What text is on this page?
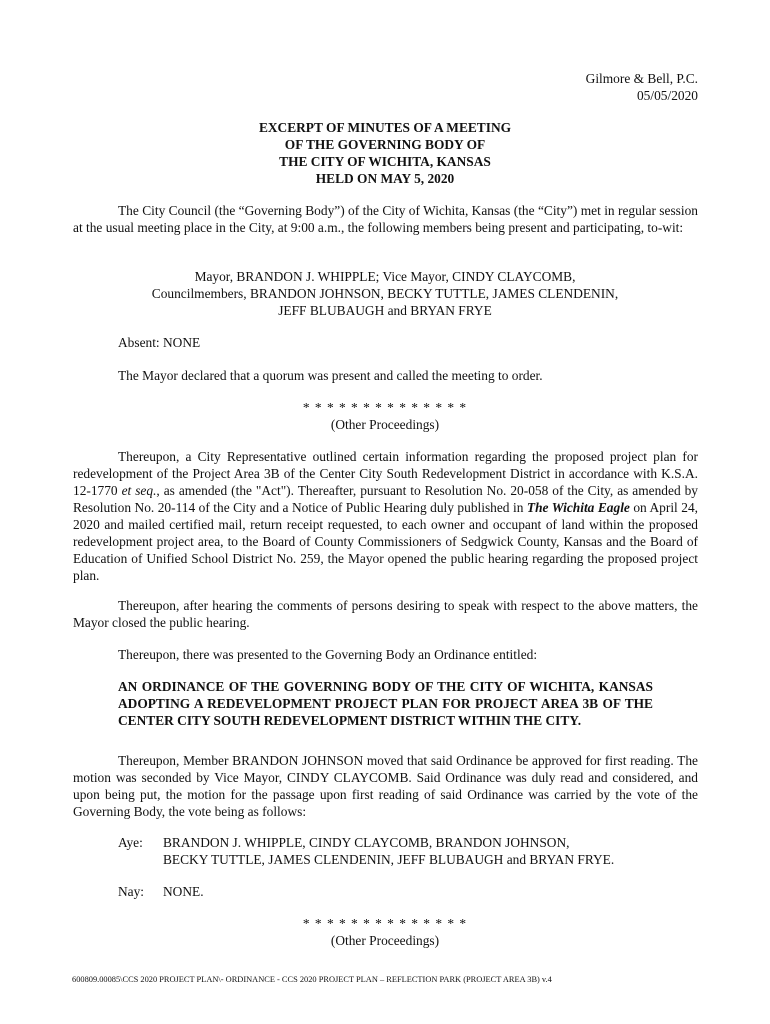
Gilmore & Bell, P.C.
05/05/2020
EXCERPT OF MINUTES OF A MEETING
OF THE GOVERNING BODY OF
THE CITY OF WICHITA, KANSAS
HELD ON MAY 5, 2020

The City Council (the “Governing Body”) of the City of Wichita, Kansas (the “City”) met in regular session at the usual meeting place in the City, at 9:00 a.m., the following members being present and participating, to-wit:

Mayor, BRANDON J. WHIPPLE; Vice Mayor, CINDY CLAYCOMB,
Councilmembers, BRANDON JOHNSON, BECKY TUTTLE, JAMES CLENDENIN,
JEFF BLUBAUGH and BRYAN FRYE

Absent: NONE

The Mayor declared that a quorum was present and called the meeting to order.

* * * * * * * * * * * * * *
(Other Proceedings)

Thereupon, a City Representative outlined certain information regarding the proposed project plan for redevelopment of the Project Area 3B of the Center City South Redevelopment District in accordance with K.S.A. 12-1770 et seq., as amended (the "Act"). Thereafter, pursuant to Resolution No. 20-058 of the City, as amended by Resolution No. 20-114 of the City and a Notice of Public Hearing duly published in The Wichita Eagle on April 24, 2020 and mailed certified mail, return receipt requested, to each owner and occupant of land within the proposed redevelopment project area, to the Board of County Commissioners of Sedgwick County, Kansas and the Board of Education of Unified School District No. 259, the Mayor opened the public hearing regarding the proposed project plan.

Thereupon, after hearing the comments of persons desiring to speak with respect to the above matters, the Mayor closed the public hearing.

Thereupon, there was presented to the Governing Body an Ordinance entitled:

AN ORDINANCE OF THE GOVERNING BODY OF THE CITY OF WICHITA, KANSAS ADOPTING A REDEVELOPMENT PROJECT PLAN FOR PROJECT AREA 3B OF THE CENTER CITY SOUTH REDEVELOPMENT DISTRICT WITHIN THE CITY.

Thereupon, Member BRANDON JOHNSON moved that said Ordinance be approved for first reading. The motion was seconded by Vice Mayor, CINDY CLAYCOMB. Said Ordinance was duly read and considered, and upon being put, the motion for the passage upon first reading of said Ordinance was carried by the vote of the Governing Body, the vote being as follows:

Aye: BRANDON J. WHIPPLE, CINDY CLAYCOMB, BRANDON JOHNSON,
BECKY TUTTLE, JAMES CLENDENIN, JEFF BLUBAUGH and BRYAN FRYE.
Nay: NONE.
* * * * * * * * * * * * * *
(Other Proceedings)
600809.00085\CCS 2020 PROJECT PLAN\- ORDINANCE - CCS 2020 PROJECT PLAN – REFLECTION PARK (PROJECT AREA 3B) v.4
